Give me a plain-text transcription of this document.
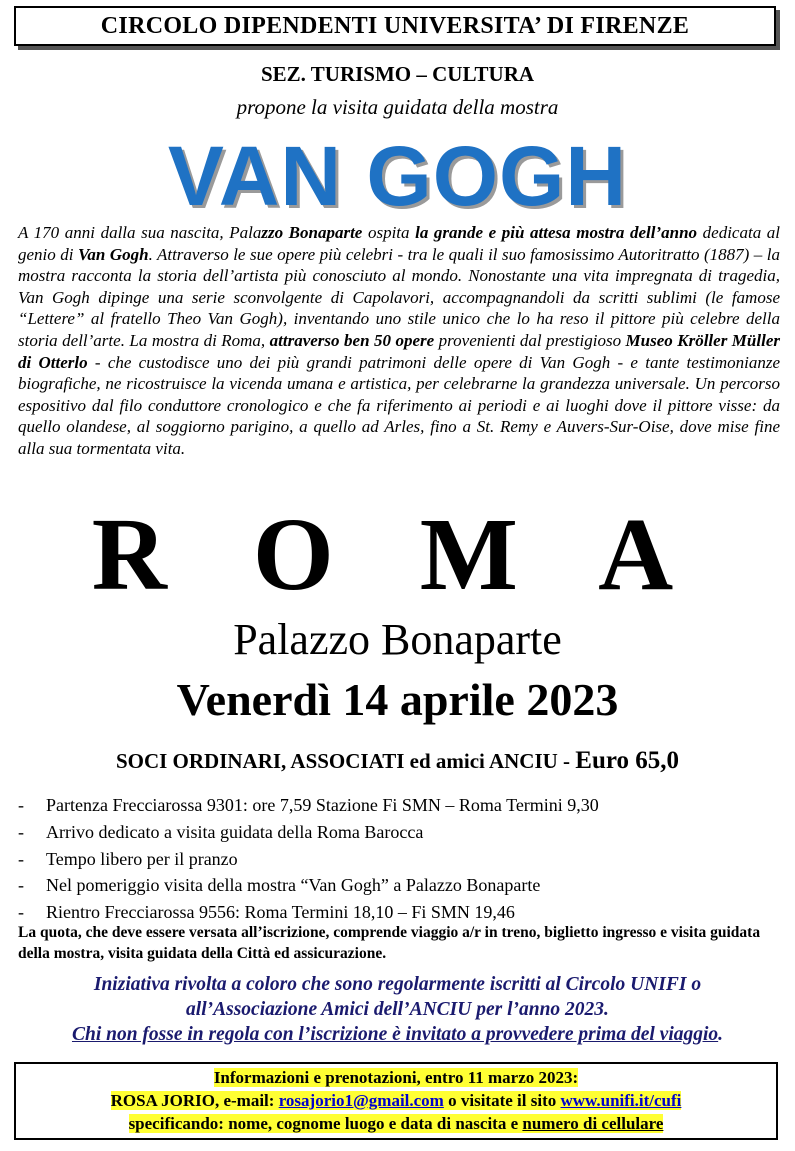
CIRCOLO DIPENDENTI UNIVERSITA’ DI FIRENZE
SEZ. TURISMO – CULTURA
propone la visita guidata della mostra
VAN GOGH
A 170 anni dalla sua nascita, Palazzo Bonaparte ospita la grande e più attesa mostra dell’anno dedicata al genio di Van Gogh. Attraverso le sue opere più celebri - tra le quali il suo famosissimo Autoritratto (1887) – la mostra racconta la storia dell’artista più conosciuto al mondo. Nonostante una vita impregnata di tragedia, Van Gogh dipinge una serie sconvolgente di Capolavori, accompagnandoli da scritti sublimi (le famose “Lettere” al fratello Theo Van Gogh), inventando uno stile unico che lo ha reso il pittore più celebre della storia dell’arte. La mostra di Roma, attraverso ben 50 opere provenienti dal prestigioso Museo Kröller Müller di Otterlo - che custodisce uno dei più grandi patrimoni delle opere di Van Gogh - e tante testimonianze biografiche, ne ricostruisce la vicenda umana e artistica, per celebrarne la grandezza universale. Un percorso espositivo dal filo conduttore cronologico e che fa riferimento ai periodi e ai luoghi dove il pittore visse: da quello olandese, al soggiorno parigino, a quello ad Arles, fino a St. Remy e Auvers-Sur-Oise, dove mise fine alla sua tormentata vita.
R O M A
Palazzo Bonaparte
Venerdì 14 aprile 2023
SOCI ORDINARI, ASSOCIATI ed amici ANCIU - Euro 65,0
-	Partenza Frecciarossa 9301: ore 7,59 Stazione Fi SMN – Roma Termini 9,30
-	Arrivo dedicato a visita guidata della Roma Barocca
-	Tempo libero per il pranzo
-	Nel pomeriggio visita della mostra “Van Gogh” a Palazzo Bonaparte
-	Rientro Frecciarossa 9556: Roma Termini 18,10 – Fi SMN 19,46
La quota, che deve essere versata all’iscrizione, comprende viaggio a/r in treno, biglietto ingresso e visita guidata della mostra, visita guidata della Città ed assicurazione.
Iniziativa rivolta a coloro che sono regolarmente iscritti al Circolo UNIFI o
all’Associazione Amici dell’ANCIU per l’anno 2023.
Chi non fosse in regola con l’iscrizione è invitato a provvedere prima del viaggio.
Informazioni e prenotazioni, entro 11 marzo 2023:
ROSA JORIO, e-mail: rosajorio1@gmail.com o visitate il sito www.unifi.it/cufi
specificando: nome, cognome luogo e data di nascita e numero di cellulare
